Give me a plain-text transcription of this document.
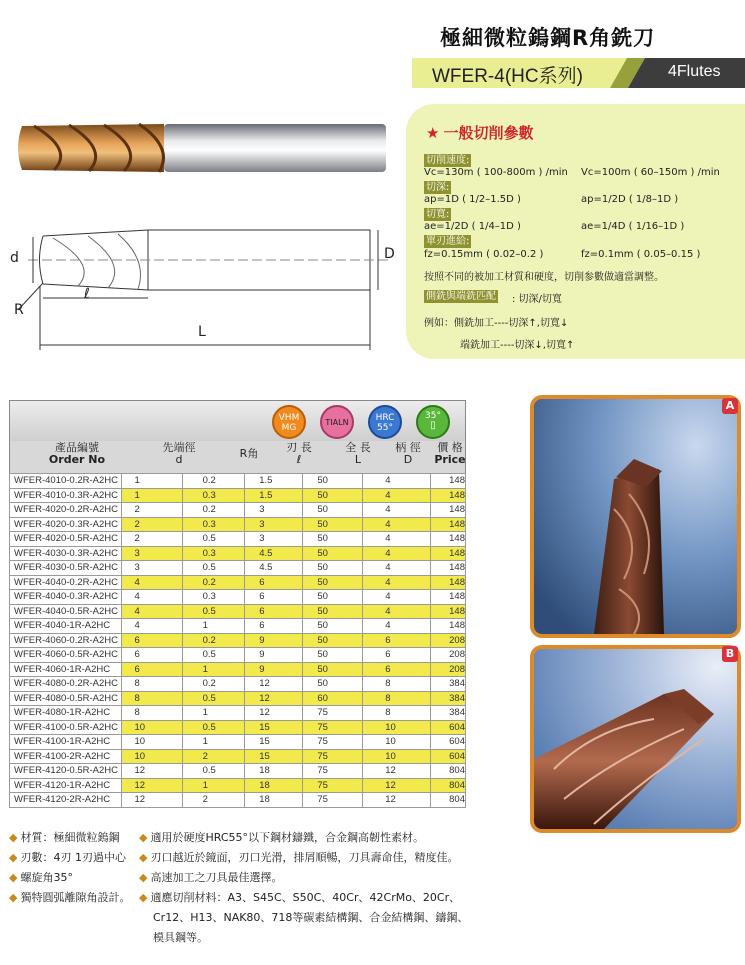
極細微粒鎢鋼R角銑刀
WFER-4(HC系列)	4Flutes
d	D
R
ℓ
L
★ 一般切削參數
切削速度:
Vc=130m ( 100-800m ) /min Vc=100m ( 60–150m ) /min
切深:
ap=1D ( 1/2–1.5D )	ap=1/2D ( 1/8–1D )
切寬:
ae=1/2D ( 1/4–1D )	ae=1/4D ( 1/16–1D )
單刃進給:
fz=0.15mm ( 0.02–0.2 )	fz=0.1mm ( 0.05–0.15 )
按照不同的被加工材質和硬度，切削参數做適當調整。
側銑與端銑匹配 : 切深/切寬
例如：側銑加工----切深↑,切寬↓
端銑加工----切深↓,切寬↑
VHM
MG
TIALN	HRC
55°
35°
▯
產品編號
Order No
先端徑
d	R角	刃 長
ℓ
全 長
L
柄 徑
D
價 格
Price
WFER-4010-0.2R-A2HC	1	0.2	1.5	50	4	148
WFER-4010-0.3R-A2HC	1	0.3	1.5	50	4	148
WFER-4020-0.2R-A2HC	2	0.2	3	50	4	148
WFER-4020-0.3R-A2HC	2	0.3	3	50	4	148
WFER-4020-0.5R-A2HC	2	0.5	3	50	4	148
WFER-4030-0.3R-A2HC	3	0.3	4.5	50	4	148
WFER-4030-0.5R-A2HC	3	0.5	4.5	50	4	148
WFER-4040-0.2R-A2HC	4	0.2	6	50	4	148
WFER-4040-0.3R-A2HC	4	0.3	6	50	4	148
WFER-4040-0.5R-A2HC	4	0.5	6	50	4	148
WFER-4040-1R-A2HC	4	1	6	50	4	148
WFER-4060-0.2R-A2HC	6	0.2	9	50	6	208
WFER-4060-0.5R-A2HC	6	0.5	9	50	6	208
WFER-4060-1R-A2HC	6	1	9	50	6	208
WFER-4080-0.2R-A2HC	8	0.2	12	50	8	384
WFER-4080-0.5R-A2HC	8	0.5	12	60	8	384
WFER-4080-1R-A2HC	8	1	12	75	8	384
WFER-4100-0.5R-A2HC	10	0.5	15	75	10	604
WFER-4100-1R-A2HC	10	1	15	75	10	604
WFER-4100-2R-A2HC	10	2	15	75	10	604
WFER-4120-0.5R-A2HC	12	0.5	18	75	12	804
WFER-4120-1R-A2HC	12	1	18	75	12	804
WFER-4120-2R-A2HC	12	2	18	75	12	804
A
B
◆ 材質：極細微粒鎢鋼
◆ 刃數：4刃 1刃過中心
◆ 螺旋角35°
◆ 獨特圓弧離隙角設計。
◆ 適用於硬度HRC55°以下鋼材鑄鐵，合金鋼高韌性素材。
◆ 刃口越近於鏡面，刃口光滑，排屑順暢，刀具壽命佳，精度佳。
◆ 高速加工之刀具最佳選擇。
◆ 適應切削材料：A3、S45C、S50C、40Cr、42CrMo、20Cr、
Cr12、H13、NAK80、718等碳素結構鋼、合金結構鋼、鑄鋼、
模具鋼等。
